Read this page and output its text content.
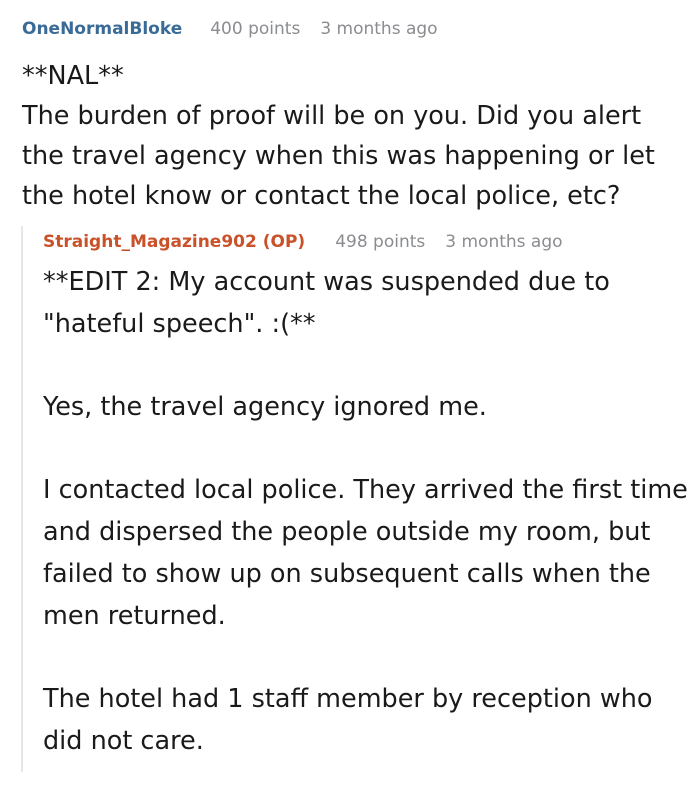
OneNormalBloke 400 points 3 months ago

**NAL**

The burden of proof will be on you. Did you alert the travel agency when this was happening or let the hotel know or contact the local police, etc?

Straight_Magazine902 (OP) 498 points 3 months ago

**EDIT 2: My account was suspended due to "hateful speech". :(**

Yes, the travel agency ignored me.

I contacted local police. They arrived the first time and dispersed the people outside my room, but failed to show up on subsequent calls when the men returned.

The hotel had 1 staff member by reception who did not care.
